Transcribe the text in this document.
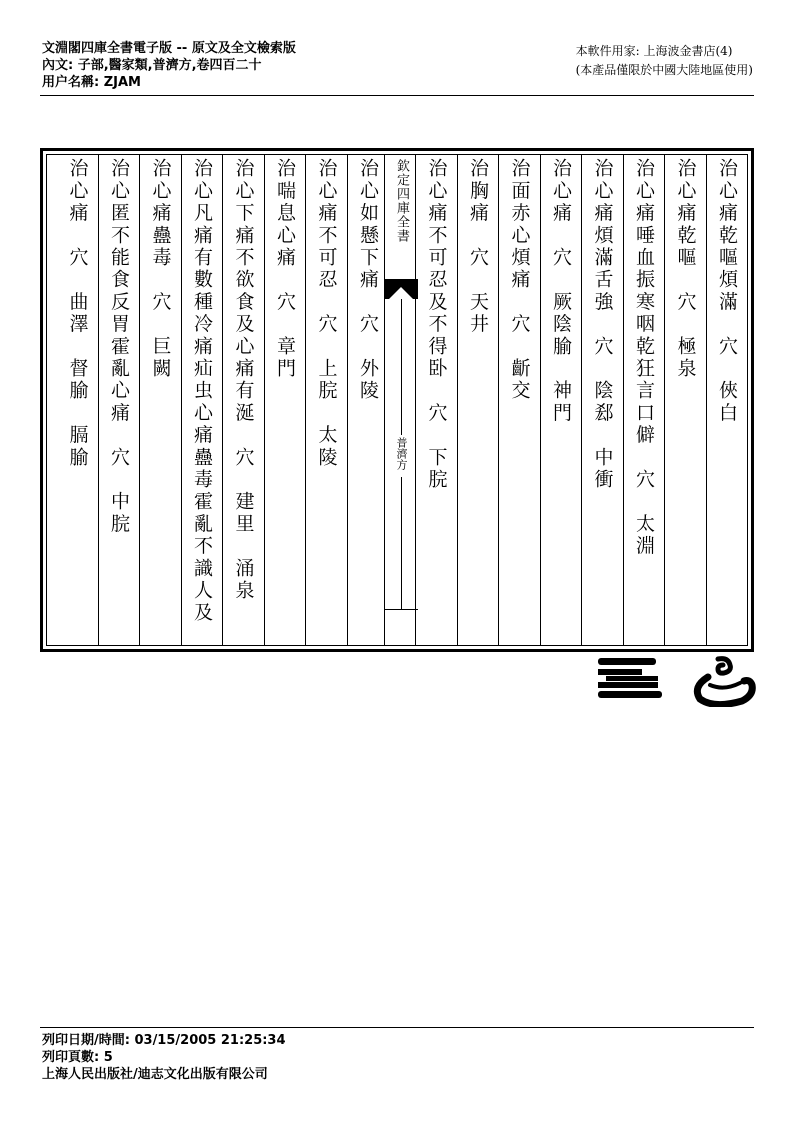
文淵閣四庫全書電子版 -- 原文及全文檢索版
內文: 子部,醫家類,普濟方,卷四百二十
用户名稱: ZJAM
本軟件用家: 上海波金書店(4)
(本產品僅限於中國大陸地區使用)
欽定四庫全書
普濟方
治心痛乾嘔煩滿　穴　俠白
治心痛乾嘔　穴　極泉
治心痛唾血振寒咽乾狂言口僻　穴　太淵
治心痛煩滿舌強　穴　陰郄　中衝
治心痛　穴　厥陰腧　神門
治面赤心煩痛　穴　齗交
治胸痛　穴　天井
治心痛不可忍及不得卧　穴　下脘
治心如懸下痛　穴　外陵
治心痛不可忍　穴　上脘　太陵
治喘息心痛　穴　章門
治心下痛不欲食及心痛有涎　穴　建里　涌泉
治心凡痛有數種冷痛疝虫心痛蠱毒霍亂不識人及
治心痛蠱毒　穴　巨闕
治心匿不能食反胃霍亂心痛　穴　中脘
治心痛　穴　曲澤　督腧　膈腧
列印日期/時間: 03/15/2005 21:25:34
列印頁數: 5
上海人民出版社/迪志文化出版有限公司
